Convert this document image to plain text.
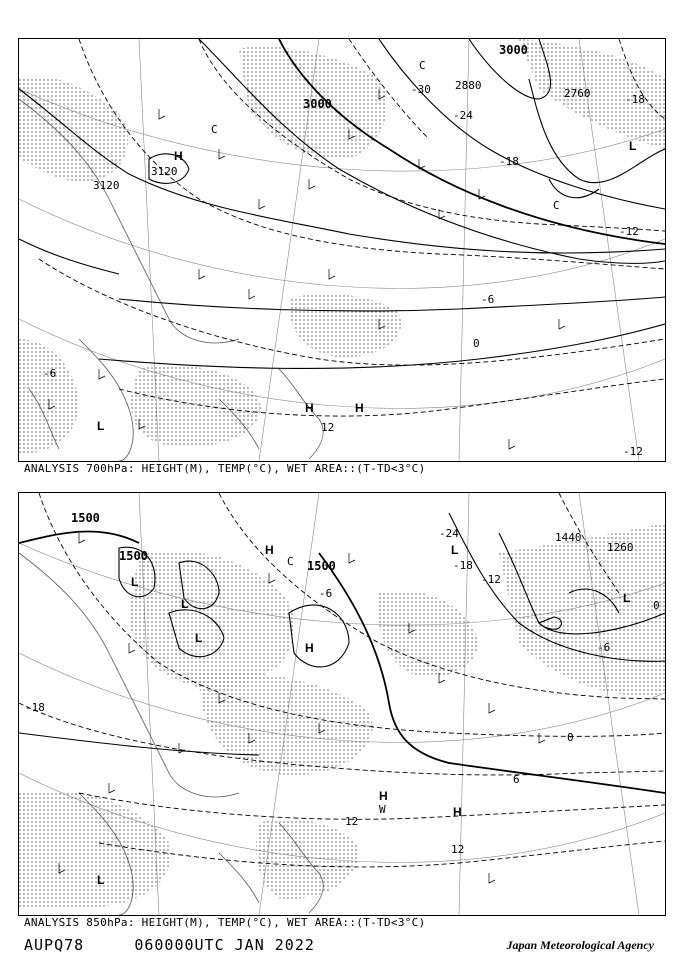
3120
3000
3000
2880
2760
3120
-30
-24
-18
-12
-6
0
-6
12
-12
-18
H
H	H
L
L
C
C
C
ANALYSIS 700hPa: HEIGHT(M), TEMP(°C), WET AREA::(T-TD<3°C)
1500
1500
1500
1260
1440
-24
-18
-12
-6
0
6
12
12
-18
-6
0
H
H
H
H
L
L
L
L
L
L
C
W
ANALYSIS 850hPa: HEIGHT(M), TEMP(°C), WET AREA::(T-TD<3°C)
AUPQ78	060000UTC JAN 2022	Japan Meteorological Agency
